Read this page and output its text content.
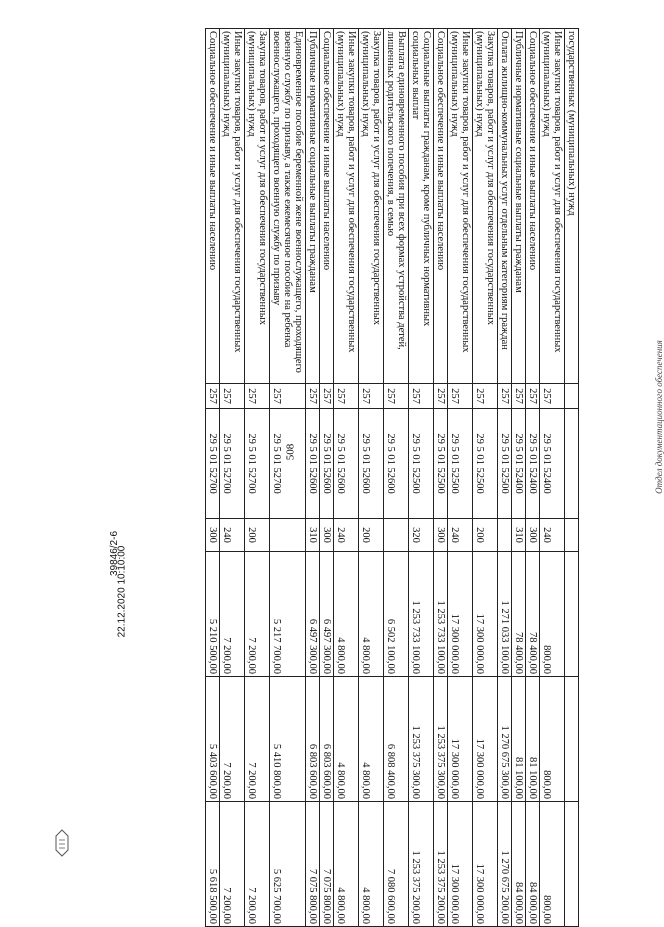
508
государственных (муниципальных) нужд						
Иные закупки товаров, работ и услуг для обеспечения государственных (муниципальных) нужд	257	29 5 01 52400	240	800,00	800,00	800,00
Социальное обеспечение и иные выплаты населению	257	29 5 01 52400	300	78 400,00	81 100,00	84 000,00
Публичные нормативные социальные выплаты гражданам	257	29 5 01 52400	310	78 400,00	81 100,00	84 000,00
Оплата жилищно-коммунальных услуг отдельным категориям граждан	257	29 5 01 52500		1 271 033 100,00	1 270 675 300,00	1 270 675 200,00
Закупка товаров, работ и услуг для обеспечения государственных (муниципальных) нужд	257	29 5 01 52500	200	17 300 000,00	17 300 000,00	17 300 000,00
Иные закупки товаров, работ и услуг для обеспечения государственных (муниципальных) нужд	257	29 5 01 52500	240	17 300 000,00	17 300 000,00	17 300 000,00
Социальное обеспечение и иные выплаты населению	257	29 5 01 52500	300	1 253 733 100,00	1 253 375 300,00	1 253 375 200,00
Социальные выплаты гражданам, кроме публичных нормативных социальных выплат	257	29 5 01 52500	320	1 253 733 100,00	1 253 375 300,00	1 253 375 200,00
Выплата единовременного пособия при всех формах устройства детей, лишенных родительского попечения, в семью	257	29 5 01 52600		6 502 100,00	6 808 400,00	7 080 600,00
Закупка товаров, работ и услуг для обеспечения государственных (муниципальных) нужд	257	29 5 01 52600	200	4 800,00	4 800,00	4 800,00
Иные закупки товаров, работ и услуг для обеспечения государственных (муниципальных) нужд	257	29 5 01 52600	240	4 800,00	4 800,00	4 800,00
Социальное обеспечение и иные выплаты населению	257	29 5 01 52600	300	6 497 300,00	6 803 600,00	7 075 800,00
Публичные нормативные социальные выплаты гражданам	257	29 5 01 52600	310	6 497 300,00	6 803 600,00	7 075 800,00
Единовременное пособие беременной жене военнослужащего, проходящего военную службу по призыву, а также ежемесячное пособие на ребенка военнослужащего, проходящего военную службу по призыву	257	29 5 01 52700		5 217 700,00	5 410 800,00	5 625 700,00
Закупка товаров, работ и услуг для обеспечения государственных (муниципальных) нужд	257	29 5 01 52700	200	7 200,00	7 200,00	7 200,00
Иные закупки товаров, работ и услуг для обеспечения государственных (муниципальных) нужд	257	29 5 01 52700	240	7 200,00	7 200,00	7 200,00
Социальное обеспечение и иные выплаты населению	257	29 5 01 52700	300	5 210 500,00	5 403 600,00	5 618 500,00
Отдел документационного обеспечения
22.12.2020 10:10:00
39846/2-6
